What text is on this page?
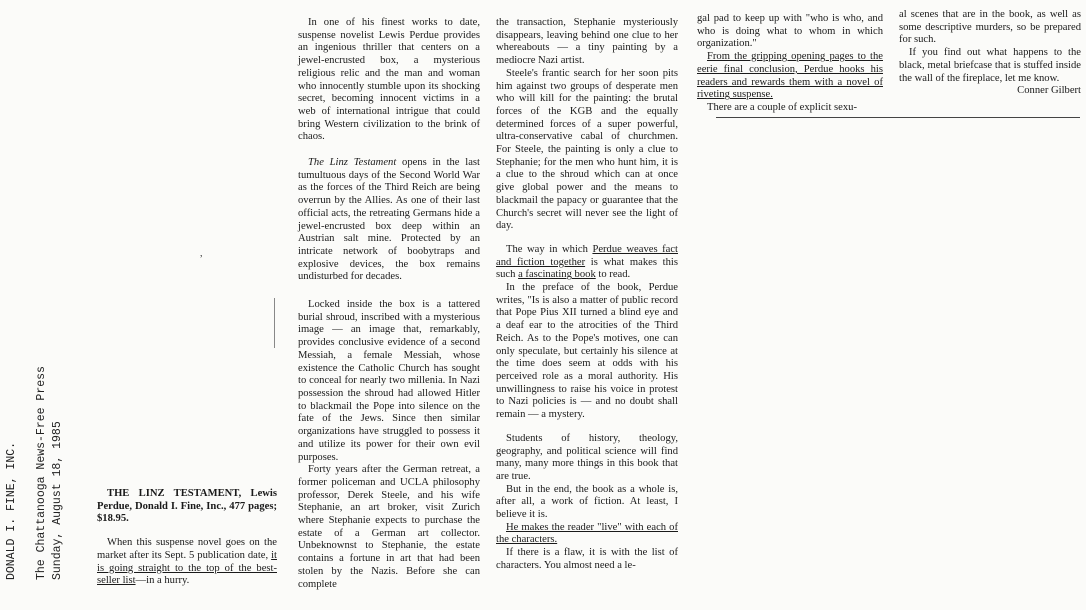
DONALD I. FINE, INC. The Chattanooga News-Free Press Sunday, August 18, 1985
,

THE LINZ TESTAMENT, Lewis Perdue, Donald I. Fine, Inc., 477 pages; $18.95.

When this suspense novel goes on the market after its Sept. 5 publication date, it is going straight to the top of the best-seller list—in a hurry.

In one of his finest works to date, suspense novelist Lewis Perdue provides an ingenious thriller that centers on a jewel-encrusted box, a mysterious religious relic and the man and woman who innocently stumble upon its shocking secret, becoming innocent victims in a web of international intrigue that could bring Western civilization to the brink of chaos.

The Linz Testament opens in the last tumultuous days of the Second World War as the forces of the Third Reich are being overrun by the Allies. As one of their last official acts, the retreating Germans hide a jewel-encrusted box deep within an Austrian salt mine. Protected by an intricate network of boobytraps and explosive devices, the box remains undisturbed for decades.

Locked inside the box is a tattered burial shroud, inscribed with a mysterious image — an image that, remarkably, provides conclusive evidence of a second Messiah, a female Messiah, whose existence the Catholic Church has sought to conceal for nearly two millenia. In Nazi possession the shroud had allowed Hitler to blackmail the Pope into silence on the fate of the Jews. Since then similar organizations have struggled to possess it and utilize its power for their own evil purposes.

Forty years after the German retreat, a former policeman and UCLA philosophy professor, Derek Steele, and his wife Stephanie, an art broker, visit Zurich where Stephanie expects to purchase the estate of a German art collector. Unbeknownst to Stephanie, the estate contains a fortune in art that had been stolen by the Nazis. Before she can complete

the transaction, Stephanie mysteriously disappears, leaving behind one clue to her whereabouts — a tiny painting by a mediocre Nazi artist.

Steele's frantic search for her soon pits him against two groups of desperate men who will kill for the painting: the brutal forces of the KGB and the equally determined forces of a super powerful, ultra-conservative cabal of churchmen. For Steele, the painting is only a clue to Stephanie; for the men who hunt him, it is a clue to the shroud which can at once give global power and the means to blackmail the papacy or guarantee that the Church's secret will never see the light of day.

The way in which Perdue weaves fact and fiction together is what makes this such a fascinating book to read.

In the preface of the book, Perdue writes, "Is is also a matter of public record that Pope Pius XII turned a blind eye and a deaf ear to the atrocities of the Third Reich. As to the Pope's motives, one can only speculate, but certainly his silence at the time does seem at odds with his perceived role as a moral authority. His unwillingness to raise his voice in protest to Nazi policies is — and no doubt shall remain — a mystery.

Students of history, theology, geography, and political science will find many, many more things in this book that are true.

But in the end, the book as a whole is, after all, a work of fiction. At least, I believe it is.

He makes the reader "live" with each of the characters.

If there is a flaw, it is with the list of characters. You almost need a le-

gal pad to keep up with "who is who, and who is doing what to whom in which organization."

From the gripping opening pages to the eerie final conclusion, Perdue hooks his readers and rewards them with a novel of riveting suspense.

There are a couple of explicit sexu-

al scenes that are in the book, as well as some descriptive murders, so be prepared for such.

If you find out what happens to the black, metal briefcase that is stuffed inside the wall of the fireplace, let me know.

Conner Gilbert
